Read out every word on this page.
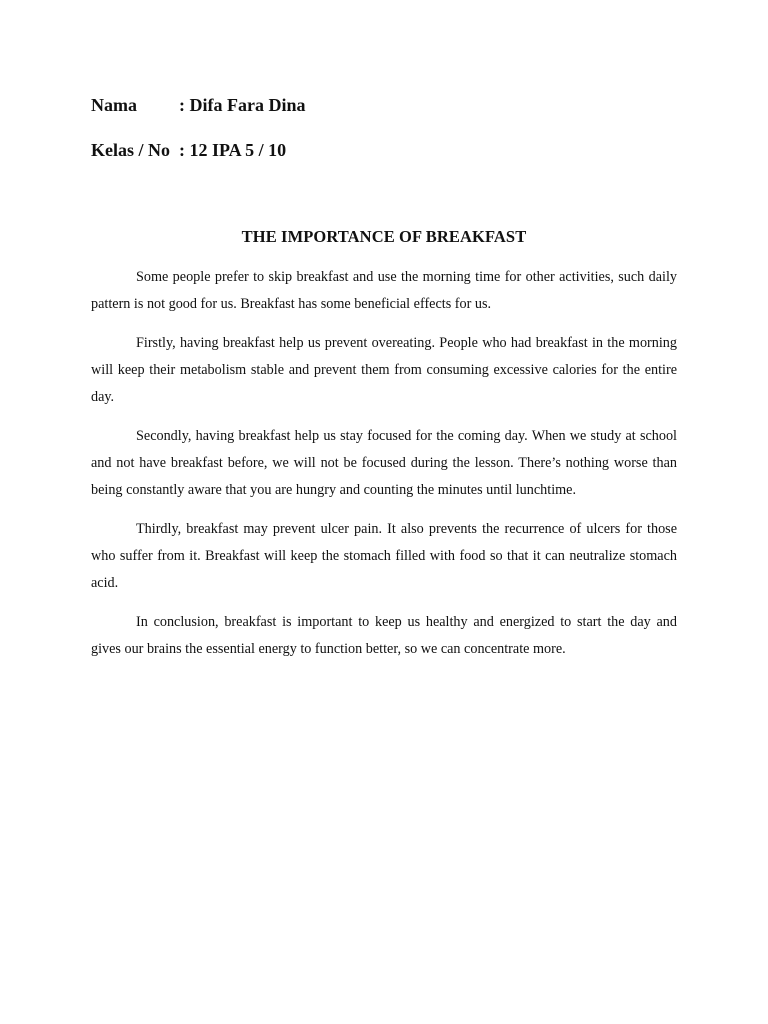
Nama : Difa Fara Dina
Kelas / No : 12 IPA 5 / 10
THE IMPORTANCE OF BREAKFAST

Some people prefer to skip breakfast and use the morning time for other activities, such daily pattern is not good for us. Breakfast has some beneficial effects for us.

Firstly, having breakfast help us prevent overeating. People who had breakfast in the morning will keep their metabolism stable and prevent them from consuming excessive calories for the entire day.

Secondly, having breakfast help us stay focused for the coming day. When we study at school and not have breakfast before, we will not be focused during the lesson. There’s nothing worse than being constantly aware that you are hungry and counting the minutes until lunchtime.

Thirdly, breakfast may prevent ulcer pain. It also prevents the recurrence of ulcers for those who suffer from it. Breakfast will keep the stomach filled with food so that it can neutralize stomach acid.

In conclusion, breakfast is important to keep us healthy and energized to start the day and gives our brains the essential energy to function better, so we can concentrate more.
